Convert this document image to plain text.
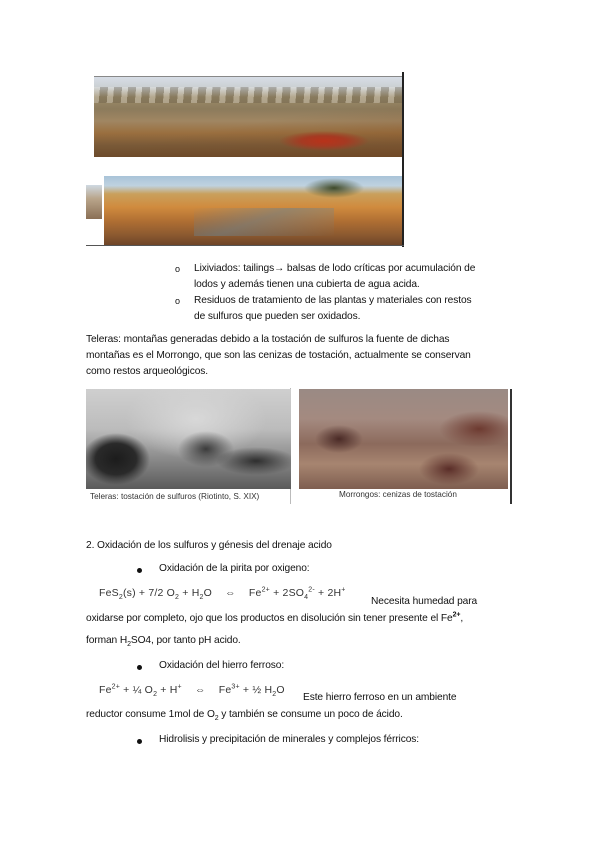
o Lixiviados: tailings→ balsas de lodo críticas por acumulación de
lodos y además tienen una cubierta de agua acida.
o Residuos de tratamiento de las plantas y materiales con restos
de sulfuros que pueden ser oxidados.
Teleras: montañas generadas debido a la tostación de sulfuros la fuente de dichas
montañas es el Morrongo, que son las cenizas de tostación, actualmente se conservan
como restos arqueológicos.
Teleras: tostación de sulfuros (Riotinto, S. XIX)	Morrongos: cenizas de tostación
2. Oxidación de los sulfuros y génesis del drenaje acido
Oxidación de la pirita por oxigeno:
FeS$_2$(s) + 7/2 $O_2 + H_2O$ ⇔ $Fe^{2+} + 2SO_4^{2-} + 2H^+$
Necesita humedad para
oxidarse por completo, ojo que los productos en disolución sin tener presente el $Fe^{2+}$,
forman $H_2SO4$, por tanto pH acido.
Oxidación del hierro ferroso:
$Fe^{2+}$ + ¼ $O_2 + H^+$ ⇔ $Fe^{3+}$ + ½ $H_2O$
Este hierro ferroso en un ambiente
reductor consume 1mol de $O_2$ y también se consume un poco de ácido.
Hidrolisis y precipitación de minerales y complejos férricos:
